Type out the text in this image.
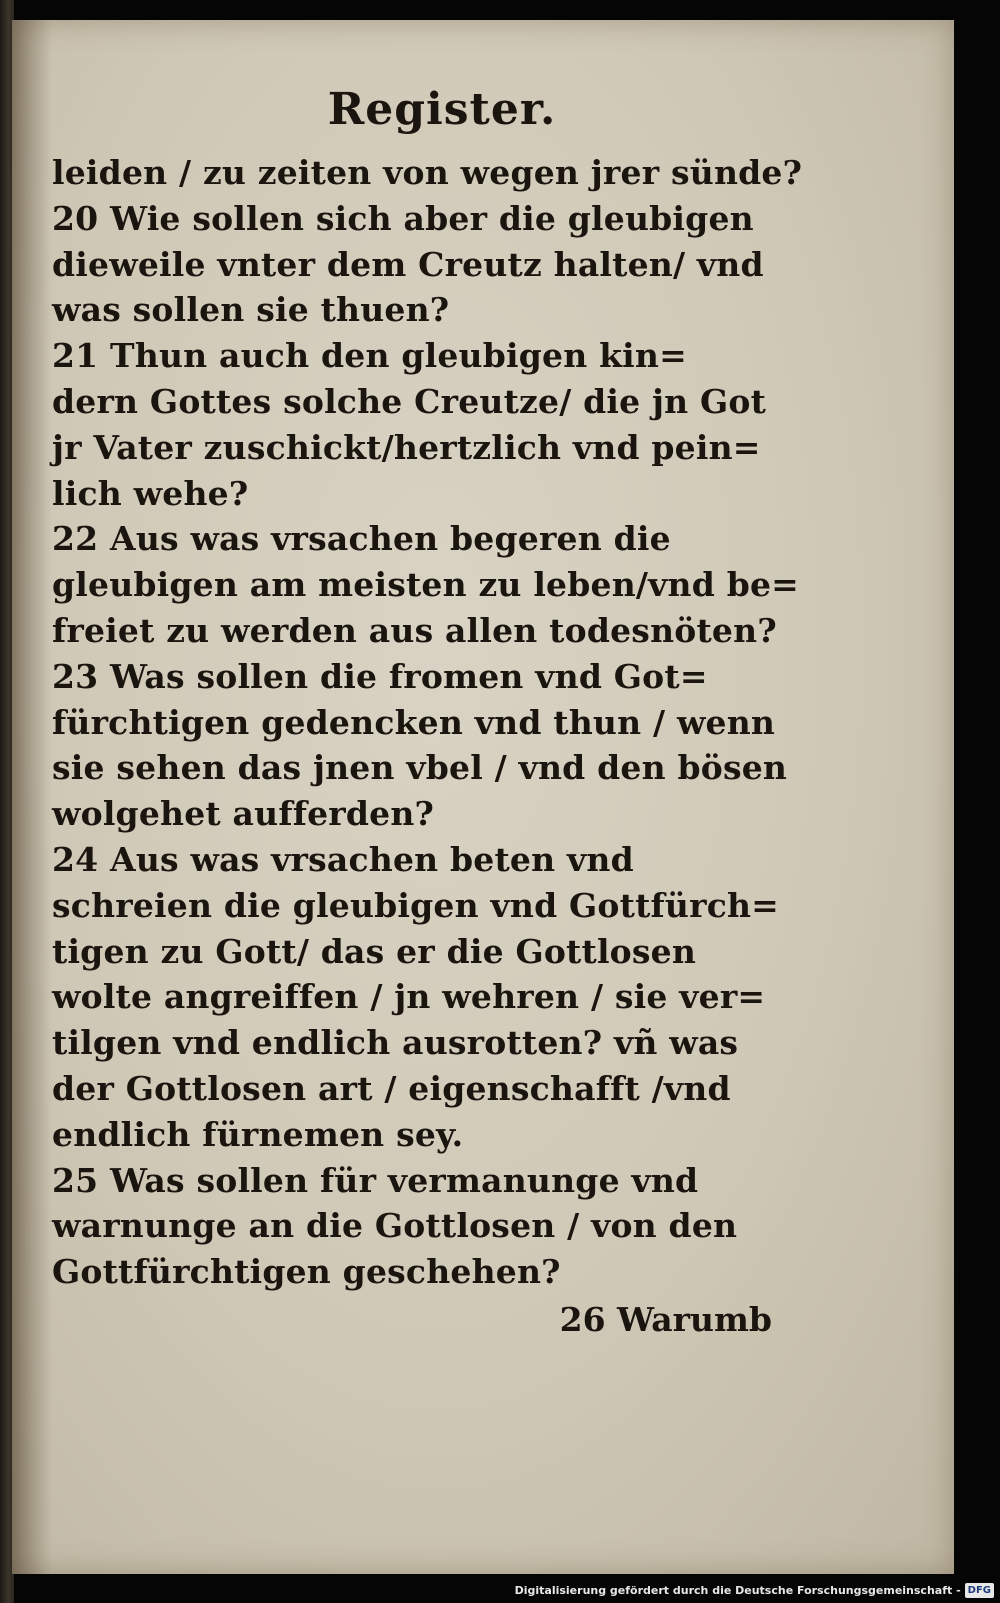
Register.
leiden / zu zeiten von wegen jrer sünde?
20 Wie sollen sich aber die gleubigen
dieweile vnter dem Creutz halten/ vnd
was sollen sie thuen?
21 Thun auch den gleubigen kin=
dern Gottes solche Creutze/ die jn Got
jr Vater zuschickt/hertzlich vnd pein=
lich wehe?
22 Aus was vrsachen begeren die
gleubigen am meisten zu leben/vnd be=
freiet zu werden aus allen todesnöten?
23 Was sollen die fromen vnd Got=
fürchtigen gedencken vnd thun / wenn
sie sehen das jnen vbel / vnd den bösen
wolgehet aufferden?
24 Aus was vrsachen beten vnd
schreien die gleubigen vnd Gottfürch=
tigen zu Gott/ das er die Gottlosen
wolte angreiffen / jn wehren / sie ver=
tilgen vnd endlich ausrotten? vñ was
der Gottlosen art / eigenschafft /vnd
endlich fürnemen sey.
25 Was sollen für vermanunge vnd
warnunge an die Gottlosen / von den
Gottfürchtigen geschehen?
26 Warumb
Digitalisierung gefördert durch die Deutsche Forschungsgemeinschaft - DFG
